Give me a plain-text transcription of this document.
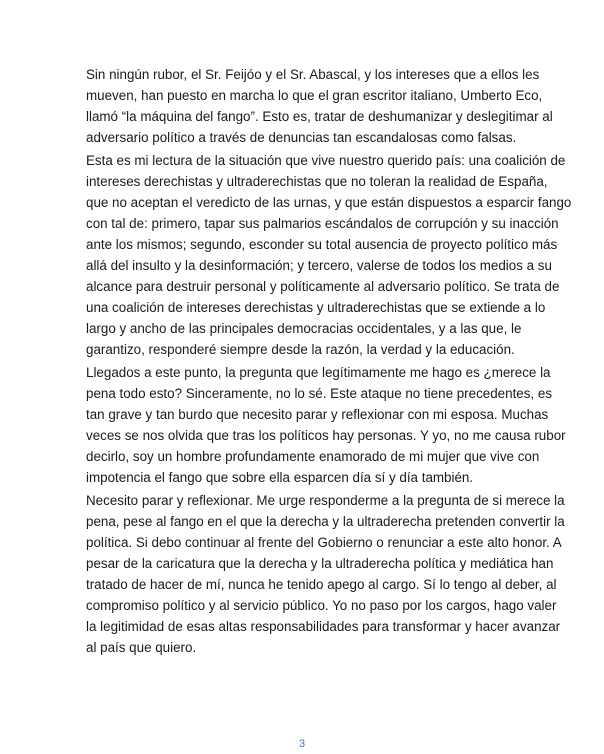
Sin ningún rubor, el Sr. Feijóo y el Sr. Abascal, y los intereses que a ellos les
mueven, han puesto en marcha lo que el gran escritor italiano, Umberto Eco,
llamó “la máquina del fango”. Esto es, tratar de deshumanizar y deslegitimar al
adversario político a través de denuncias tan escandalosas como falsas.

Esta es mi lectura de la situación que vive nuestro querido país: una coalición de
intereses derechistas y ultraderechistas que no toleran la realidad de España,
que no aceptan el veredicto de las urnas, y que están dispuestos a esparcir fango
con tal de: primero, tapar sus palmarios escándalos de corrupción y su inacción
ante los mismos; segundo, esconder su total ausencia de proyecto político más
allá del insulto y la desinformación; y tercero, valerse de todos los medios a su
alcance para destruir personal y políticamente al adversario político. Se trata de
una coalición de intereses derechistas y ultraderechistas que se extiende a lo
largo y ancho de las principales democracias occidentales, y a las que, le
garantizo, responderé siempre desde la razón, la verdad y la educación.

Llegados a este punto, la pregunta que legítimamente me hago es ¿merece la
pena todo esto? Sinceramente, no lo sé. Este ataque no tiene precedentes, es
tan grave y tan burdo que necesito parar y reflexionar con mi esposa. Muchas
veces se nos olvida que tras los políticos hay personas. Y yo, no me causa rubor
decirlo, soy un hombre profundamente enamorado de mi mujer que vive con
impotencia el fango que sobre ella esparcen día sí y día también.

Necesito parar y reflexionar. Me urge responderme a la pregunta de si merece la
pena, pese al fango en el que la derecha y la ultraderecha pretenden convertir la
política. Si debo continuar al frente del Gobierno o renunciar a este alto honor. A
pesar de la caricatura que la derecha y la ultraderecha política y mediática han
tratado de hacer de mí, nunca he tenido apego al cargo. Sí lo tengo al deber, al
compromiso político y al servicio público. Yo no paso por los cargos, hago valer
la legitimidad de esas altas responsabilidades para transformar y hacer avanzar
al país que quiero.

3
